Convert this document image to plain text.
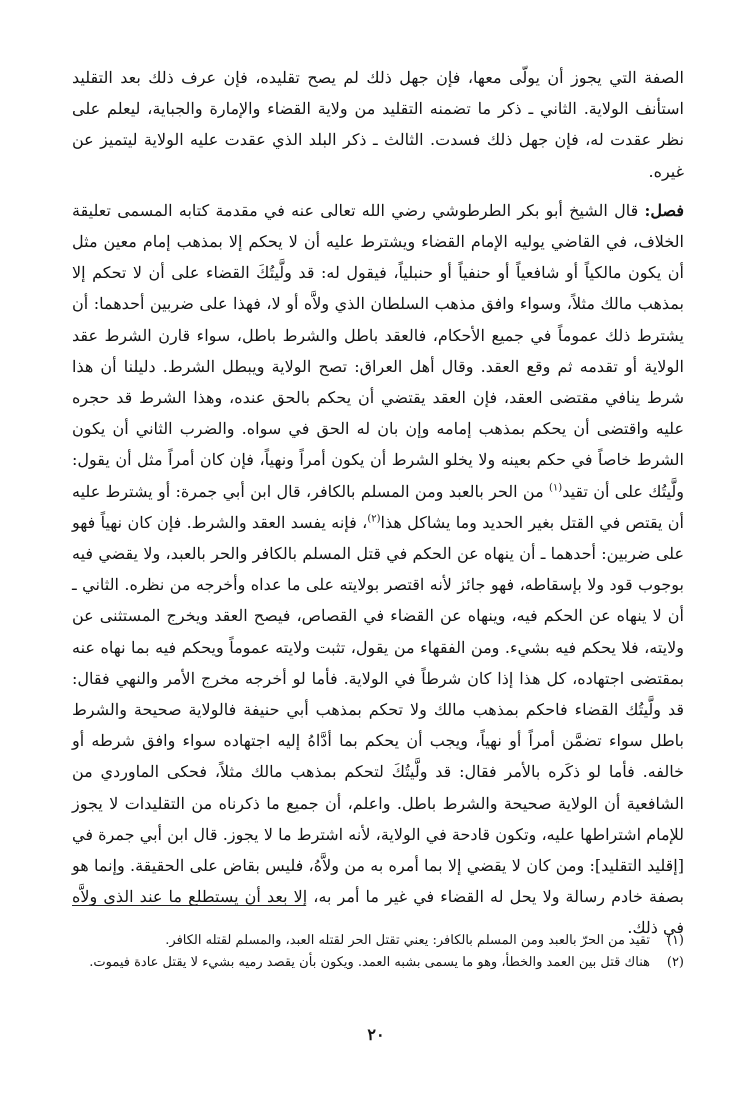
الصفة التي يجوز أن يولّى معها، فإن جهل ذلك لم يصح تقليده، فإن عرف ذلك بعد التقليد استأنف الولاية. الثاني ـ ذكر ما تضمنه التقليد من ولاية القضاء والإمارة والجباية، ليعلم على نظر عقدت له، فإن جهل ذلك فسدت. الثالث ـ ذكر البلد الذي عقدت عليه الولاية ليتميز عن غيره.

فصل: قال الشيخ أبو بكر الطرطوشي رضي الله تعالى عنه في مقدمة كتابه المسمى تعليقة الخلاف، في القاضي يوليه الإمام القضاء ويشترط عليه أن لا يحكم إلا بمذهب إمام معين مثل أن يكون مالكياً أو شافعياً أو حنفياً أو حنبلياً، فيقول له: قد ولَّيتُكَ القضاء على أن لا تحكم إلا بمذهب مالك مثلاً، وسواء وافق مذهب السلطان الذي ولاَّه أو لا، فهذا على ضربين أحدهما: أن يشترط ذلك عموماً في جميع الأحكام، فالعقد باطل والشرط باطل، سواء قارن الشرط عقد الولاية أو تقدمه ثم وقع العقد. وقال أهل العراق: تصح الولاية ويبطل الشرط. دليلنا أن هذا شرط ينافي مقتضى العقد، فإن العقد يقتضي أن يحكم بالحق عنده، وهذا الشرط قد حجره عليه واقتضى أن يحكم بمذهب إمامه وإن بان له الحق في سواه. والضرب الثاني أن يكون الشرط خاصاً في حكم بعينه ولا يخلو الشرط أن يكون أمراً ونهياً، فإن كان أمراً مثل أن يقول: ولَّيتُك على أن تقيد$^{(١)}$ من الحر بالعبد ومن المسلم بالكافر، قال ابن أبي جمرة: أو يشترط عليه أن يقتص في القتل بغير الحديد وما يشاكل هذا$^{(٢)}$، فإنه يفسد العقد والشرط. فإن كان نهياً فهو على ضربين: أحدهما ـ أن ينهاه عن الحكم في قتل المسلم بالكافر والحر بالعبد، ولا يقضي فيه بوجوب قود ولا بإسقاطه، فهو جائز لأنه اقتصر بولايته على ما عداه وأخرجه من نظره. الثاني ـ أن لا ينهاه عن الحكم فيه، وينهاه عن القضاء في القصاص، فيصح العقد ويخرج المستثنى عن ولايته، فلا يحكم فيه بشيء. ومن الفقهاء من يقول، تثبت ولايته عموماً ويحكم فيه بما نهاه عنه بمقتضى اجتهاده، كل هذا إذا كان شرطاً في الولاية. فأما لو أخرجه مخرج الأمر والنهي فقال: قد ولَّيتُك القضاء فاحكم بمذهب مالك ولا تحكم بمذهب أبي حنيفة فالولاية صحيحة والشرط باطل سواء تضمَّن أمراً أو نهياً، ويجب أن يحكم بما أدَّاهُ إليه اجتهاده سواء وافق شرطه أو خالفه. فأما لو ذكَره بالأمر فقال: قد ولَّيتُكَ لتحكم بمذهب مالك مثلاً، فحكى الماوردي من الشافعية أن الولاية صحيحة والشرط باطل. واعلم، أن جميع ما ذكرناه من التقليدات لا يجوز للإمام اشتراطها عليه، وتكون قادحة في الولاية، لأنه اشترط ما لا يجوز. قال ابن أبي جمرة في [إقليد التقليد]: ومن كان لا يقضي إلا بما أمره به من ولاَّهُ، فليس بقاض على الحقيقة. وإنما هو بصفة خادم رسالة ولا يحل له القضاء في غير ما أمر به، إلا بعد أن يستطلع ما عند الذي ولاَّه في ذلك.

(١)
تقيد من الحرّ بالعبد ومن المسلم بالكافر: يعني تقتل الحر لقتله العبد، والمسلم لقتله الكافر.
(٢)
هناك قتل بين العمد والخطأ، وهو ما يسمى بشبه العمد. ويكون بأن يقصد رميه بشيء لا يقتل عادة فيموت.
٢٠
